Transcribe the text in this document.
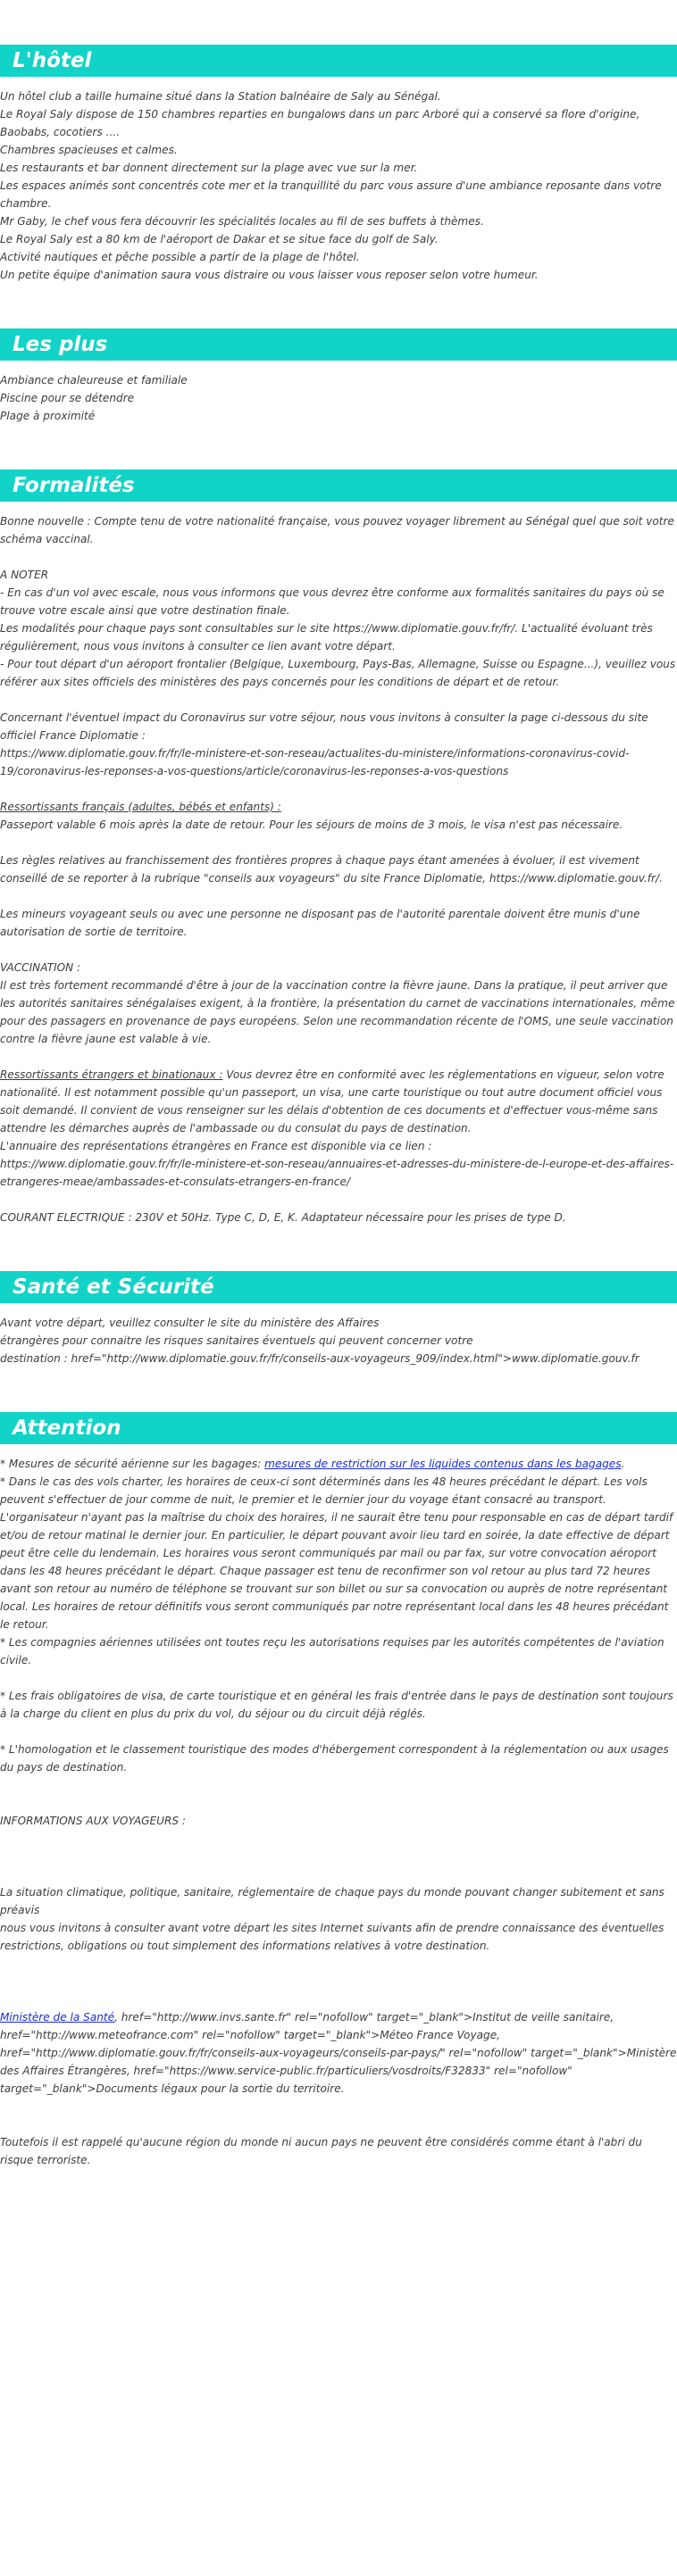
L'hôtel

Un hôtel club a taille humaine situé dans la Station balnéaire de Saly au Sénégal.

Le Royal Saly dispose de 150 chambres reparties en bungalows dans un parc Arboré qui a conservé sa flore d'origine, Baobabs, cocotiers ....

Chambres spacieuses et calmes.

Les restaurants et bar donnent directement sur la plage avec vue sur la mer.

Les espaces animés sont concentrés cote mer et la tranquillité du parc vous assure d'une ambiance reposante dans votre chambre.

Mr Gaby, le chef vous fera découvrir les spécialités locales au fil de ses buffets à thèmes.

Le Royal Saly est a 80 km de l'aéroport de Dakar et se situe face du golf de Saly.

Activité nautiques et pêche possible a partir de la plage de l'hôtel.

Un petite équipe d'animation saura vous distraire ou vous laisser vous reposer selon votre humeur.

Les plus

Ambiance chaleureuse et familiale

Piscine pour se détendre

Plage à proximité

Formalités

Bonne nouvelle : Compte tenu de votre nationalité française, vous pouvez voyager librement au Sénégal quel que soit votre schéma vaccinal.

A NOTER

- En cas d'un vol avec escale, nous vous informons que vous devrez être conforme aux formalités sanitaires du pays où se trouve votre escale ainsi que votre destination finale.

Les modalités pour chaque pays sont consultables sur le site https://www.diplomatie.gouv.fr/fr/. L'actualité évoluant très régulièrement, nous vous invitons à consulter ce lien avant votre départ.

- Pour tout départ d'un aéroport frontalier (Belgique, Luxembourg, Pays-Bas, Allemagne, Suisse ou Espagne...), veuillez vous référer aux sites officiels des ministères des pays concernés pour les conditions de départ et de retour.

Concernant l'éventuel impact du Coronavirus sur votre séjour, nous vous invitons à consulter la page ci-dessous du site officiel France Diplomatie :

https://www.diplomatie.gouv.fr/fr/le-ministere-et-son-reseau/actualites-du-ministere/informations-coronavirus-covid-19/coronavirus-les-reponses-a-vos-questions/article/coronavirus-les-reponses-a-vos-questions

Ressortissants français (adultes, bébés et enfants) :

Passeport valable 6 mois après la date de retour. Pour les séjours de moins de 3 mois, le visa n'est pas nécessaire.

Les règles relatives au franchissement des frontières propres à chaque pays étant amenées à évoluer, il est vivement conseillé de se reporter à la rubrique "conseils aux voyageurs" du site France Diplomatie, https://www.diplomatie.gouv.fr/.

Les mineurs voyageant seuls ou avec une personne ne disposant pas de l'autorité parentale doivent être munis d'une autorisation de sortie de territoire.

VACCINATION :

Il est très fortement recommandé d'être à jour de la vaccination contre la fièvre jaune. Dans la pratique, il peut arriver que les autorités sanitaires sénégalaises exigent, à la frontière, la présentation du carnet de vaccinations internationales, même pour des passagers en provenance de pays européens. Selon une recommandation récente de l'OMS, une seule vaccination contre la fièvre jaune est valable à vie.

Ressortissants étrangers et binationaux : Vous devrez être en conformité avec les réglementations en vigueur, selon votre nationalité. Il est notamment possible qu'un passeport, un visa, une carte touristique ou tout autre document officiel vous soit demandé. Il convient de vous renseigner sur les délais d'obtention de ces documents et d'effectuer vous-même sans attendre les démarches auprès de l'ambassade ou du consulat du pays de destination.

L'annuaire des représentations étrangères en France est disponible via ce lien :

https://www.diplomatie.gouv.fr/fr/le-ministere-et-son-reseau/annuaires-et-adresses-du-ministere-de-l-europe-et-des-affaires-etrangeres-meae/ambassades-et-consulats-etrangers-en-france/

COURANT ELECTRIQUE : 230V et 50Hz. Type C, D, E, K. Adaptateur nécessaire pour les prises de type D.

Santé et Sécurité

Avant votre départ, veuillez consulter le site du ministère des Affaires

étrangères pour connaitre les risques sanitaires éventuels qui peuvent concerner votre

destination : href="http://www.diplomatie.gouv.fr/fr/conseils-aux-voyageurs_909/index.html">www.diplomatie.gouv.fr

Attention

* Mesures de sécurité aérienne sur les bagages: mesures de restriction sur les liquides contenus dans les bagages.

* Dans le cas des vols charter, les horaires de ceux-ci sont déterminés dans les 48 heures précédant le départ. Les vols peuvent s'effectuer de jour comme de nuit, le premier et le dernier jour du voyage étant consacré au transport. L'organisateur n'ayant pas la maîtrise du choix des horaires, il ne saurait être tenu pour responsable en cas de départ tardif et/ou de retour matinal le dernier jour. En particulier, le départ pouvant avoir lieu tard en soirée, la date effective de départ peut être celle du lendemain. Les horaires vous seront communiqués par mail ou par fax, sur votre convocation aéroport dans les 48 heures précédant le départ. Chaque passager est tenu de reconfirmer son vol retour au plus tard 72 heures avant son retour au numéro de téléphone se trouvant sur son billet ou sur sa convocation ou auprès de notre représentant local. Les horaires de retour définitifs vous seront communiqués par notre représentant local dans les 48 heures précédant le retour.

* Les compagnies aériennes utilisées ont toutes reçu les autorisations requises par les autorités compétentes de l'aviation civile.

* Les frais obligatoires de visa, de carte touristique et en général les frais d'entrée dans le pays de destination sont toujours à la charge du client en plus du prix du vol, du séjour ou du circuit déjà réglés.

* L'homologation et le classement touristique des modes d'hébergement correspondent à la réglementation ou aux usages du pays de destination.

INFORMATIONS AUX VOYAGEURS :

La situation climatique, politique, sanitaire, réglementaire de chaque pays du monde pouvant changer subitement et sans préavis

nous vous invitons à consulter avant votre départ les sites Internet suivants afin de prendre connaissance des éventuelles restrictions, obligations ou tout simplement des informations relatives à votre destination.

Ministère de la Santé, href="http://www.invs.sante.fr" rel="nofollow" target="_blank">Institut de veille sanitaire, href="http://www.meteofrance.com" rel="nofollow" target="_blank">Méteo France Voyage, href="http://www.diplomatie.gouv.fr/fr/conseils-aux-voyageurs/conseils-par-pays/" rel="nofollow" target="_blank">Ministère des Affaires Étrangères, href="https://www.service-public.fr/particuliers/vosdroits/F32833" rel="nofollow" target="_blank">Documents légaux pour la sortie du territoire.

Toutefois il est rappelé qu'aucune région du monde ni aucun pays ne peuvent être considérés comme étant à l'abri du risque terroriste.
